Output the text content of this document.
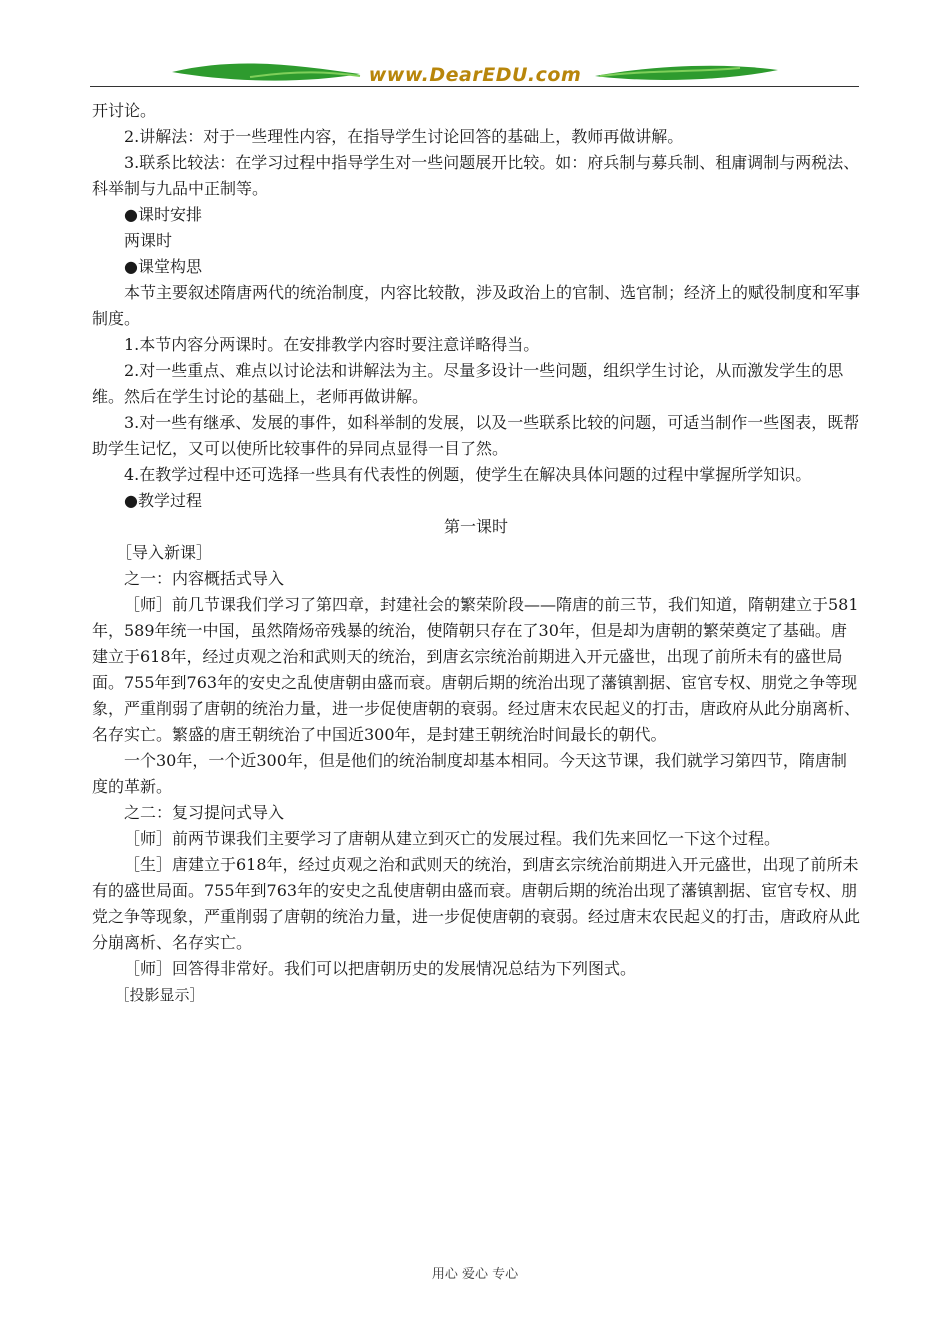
www.DearEDU.com

开讨论。

2.讲解法：对于一些理性内容，在指导学生讨论回答的基础上，教师再做讲解。

3.联系比较法：在学习过程中指导学生对一些问题展开比较。如：府兵制与募兵制、租庸调制与两税法、科举制与九品中正制等。

●课时安排

两课时

●课堂构思

本节主要叙述隋唐两代的统治制度，内容比较散，涉及政治上的官制、选官制；经济上的赋役制度和军事制度。

1.本节内容分两课时。在安排教学内容时要注意详略得当。

2.对一些重点、难点以讨论法和讲解法为主。尽量多设计一些问题，组织学生讨论，从而激发学生的思维。然后在学生讨论的基础上，老师再做讲解。

3.对一些有继承、发展的事件，如科举制的发展，以及一些联系比较的问题，可适当制作一些图表，既帮助学生记忆，又可以使所比较事件的异同点显得一目了然。

4.在教学过程中还可选择一些具有代表性的例题，使学生在解决具体问题的过程中掌握所学知识。

●教学过程

第一课时

［导入新课］

之一：内容概括式导入

［师］前几节课我们学习了第四章，封建社会的繁荣阶段——隋唐的前三节，我们知道，隋朝建立于581年，589年统一中国，虽然隋炀帝残暴的统治，使隋朝只存在了30年，但是却为唐朝的繁荣奠定了基础。唐建立于618年，经过贞观之治和武则天的统治，到唐玄宗统治前期进入开元盛世，出现了前所未有的盛世局面。755年到763年的安史之乱使唐朝由盛而衰。唐朝后期的统治出现了藩镇割据、宦官专权、朋党之争等现象，严重削弱了唐朝的统治力量，进一步促使唐朝的衰弱。经过唐末农民起义的打击，唐政府从此分崩离析、名存实亡。繁盛的唐王朝统治了中国近300年，是封建王朝统治时间最长的朝代。

一个30年，一个近300年，但是他们的统治制度却基本相同。今天这节课，我们就学习第四节，隋唐制度的革新。

之二：复习提问式导入

［师］前两节课我们主要学习了唐朝从建立到灭亡的发展过程。我们先来回忆一下这个过程。

［生］唐建立于618年，经过贞观之治和武则天的统治，到唐玄宗统治前期进入开元盛世，出现了前所未有的盛世局面。755年到763年的安史之乱使唐朝由盛而衰。唐朝后期的统治出现了藩镇割据、宦官专权、朋党之争等现象，严重削弱了唐朝的统治力量，进一步促使唐朝的衰弱。经过唐末农民起义的打击，唐政府从此分崩离析、名存实亡。

［师］回答得非常好。我们可以把唐朝历史的发展情况总结为下列图式。

［投影显示］

用心 爱心 专心
